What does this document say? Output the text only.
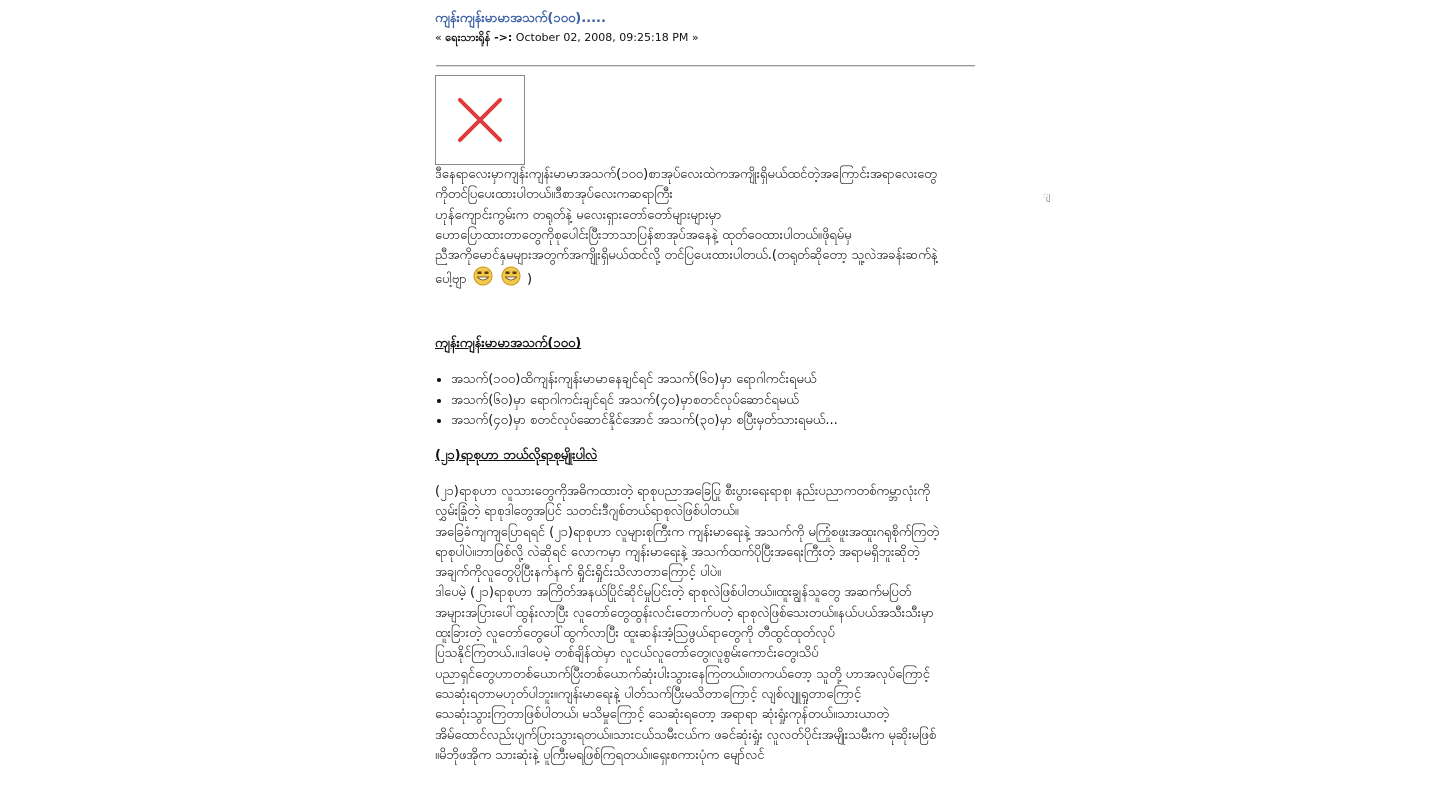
ကျန်းကျန်းမာမာအသက်(၁၀၀).....
« ရေးသားရိုန် ->: October 02, 2008, 09:25:18 PM »

ဒီနေရာလေးမှာကျန်းကျန်းမာမာအသက်(၁၀၀)စာအုပ်လေးထဲကအကျိုးရှိမယ်ထင်တဲ့အကြောင်းအရာလေးတွေ

ကိုတင်ပြပေးထားပါတယ်။ဒီစာအုပ်လေးကဆရာကြီး

ဟုန်ကျောင်းကွမ်းက တရုတ်နဲ့ မလေးရှားတော်တော်များများမှာ

ဟောပြောထားတာတွေကိုစုပေါင်းပြီးဘာသာပြန်စာအုပ်အနေနဲ့ ထုတ်ဝေထားပါတယ်။ဖိုရမ်မှ

ညီအကိုမောင်နှမများအတွက်အကျိုးရှိမယ်ထင်လို့ တင်ပြပေးထားပါတယ်.(တရုတ်ဆိုတော့ သူ့လဲအခန်းဆက်နဲ့

ပေါ့ဗျာ	)

ကျန်းကျန်းမာမာအသက်(၁၀၀)
• အသက်(၁၀၀)ထိကျန်းကျန်းမာမာနေချင်ရင် အသက်(၆၀)မှာ ရောဂါကင်းရမယ်
• အသက်(၆၀)မှာ ရောဂါကင်းချင်ရင် အသက်(၄၀)မှာစတင်လုပ်ဆောင်ရမယ်
• အသက်(၄၀)မှာ စတင်လုပ်ဆောင်နိုင်အောင် အသက်(၃၀)မှာ စပြီးမှတ်သားရမယ်...
(၂၁)ရာစုဟာ ဘယ်လိုရာစုမျိုးပါလဲ

(၂၁)ရာစုဟာ လူသားတွေကိုအဓိကထားတဲ့ ရာစုပညာအခြေပြု စီးပွားရေးရာစု၊ နည်းပညာကတစ်ကမ္ဘာလုံးကို

လွှမ်းခြုံတဲ့ ရာစုဒါတွေအပြင် သတင်းဒီဂျစ်တယ်ရာစုလဲဖြစ်ပါတယ်။

အခြေခံကျကျပြောရရင် (၂၁)ရာစုဟာ လူများစုကြီးက ကျန်းမာရေးနဲ့ အသက်ကို မကြုံစဖူးအထူးဂရုစိုက်ကြတဲ့

ရာစုပါပဲ။ဘာဖြစ်လို့ လဲဆိုရင် လောကမှာ ကျန်းမာရေးနဲ့ အသက်ထက်ပိုပြီးအရေးကြီးတဲ့ အရာမရှိဘူးဆိုတဲ့

အချက်ကိုလူတွေပိုပြီးနက်နက် ရှိုင်းရှိုင်းသိလာတာကြောင့် ပါပဲ။

ဒါပေမဲ့ (၂၁)ရာစုဟာ အကြိတ်အနယ်ပြိုင်ဆိုင်မှုပြင်းတဲ့ ရာစုလဲဖြစ်ပါတယ်။ထူးချွန်သူတွေ အဆက်မပြတ်

အများအပြားပေါ်ထွန်းလာပြီး လူတော်တွေထွန်းလင်းတောက်ပတဲ့ ရာစုလဲဖြစ်သေးတယ်။နယ်ပယ်အသီးသီးမှာ

ထူးခြားတဲ့ လူတော်တွေပေါ်ထွက်လာပြီး ထူးဆန်းအံ့ဩဖွယ်ရာတွေကို တီထွင်ထုတ်လုပ်

ပြသနိုင်ကြတယ်.။ဒါပေမဲ့ တစ်ချိန်ထဲမှာ လူငယ်လူတော်တွေ၊လူစွမ်းကောင်းတွေ၊သိပ်

ပညာရှင်တွေဟာတစ်ယောက်ပြီးတစ်ယောက်ဆုံးပါးသွားနေကြတယ်။တကယ်တော့ သူတို့ ဟာအလုပ်ကြောင့်

သေဆုံးရတာမဟုတ်ပါဘူး။ကျန်းမာရေးနဲ့ ပါတ်သက်ပြီးမသိတာကြောင့် လျစ်လျူရှုတာကြောင့်

သေဆုံးသွားကြတာဖြစ်ပါတယ်၊ မသိမှုကြောင့် သေဆုံးရတော့ အရာရာ ဆုံးရှုံးကုန်တယ်။သားယာတဲ့

အိမ်ထောင်လည်းပျက်ပြားသွားရတယ်။သားငယ်သမီးငယ်က ဖခင်ဆုံးရှုံး လူလတ်ပိုင်းအမျိုးသမီးက မုဆိုးမဖြစ်

။မိဘိုဖအိုက သားဆုံးနဲ့ ပူကြီးမရဖြစ်ကြရတယ်။ရှေးစကားပုံက မျော်လင်

ျ
